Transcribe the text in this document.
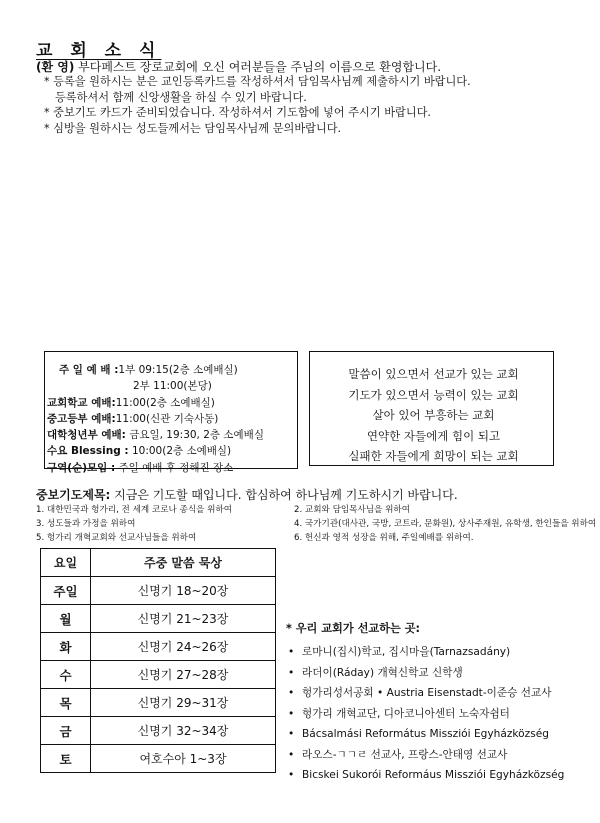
교 회 소 식
(환 영) 부다페스트 장로교회에 오신 여러분들을 주님의 이름으로 환영합니다.
* 등록을 원하시는 분은 교인등록카드를 작성하셔서 담임목사님께 제출하시기 바랍니다.
등록하셔서 함께 신앙생활을 하실 수 있기 바랍니다.
* 중보기도 카드가 준비되었습니다. 작성하셔서 기도함에 넣어 주시기 바랍니다.
* 심방을 원하시는 성도들께서는 담임목사님께 문의바랍니다.
주 일 예 배 :1부 09:15(2층 소예배실)
2부 11:00(본당)
교회학교 예배:11:00(2층 소예배실)
중고등부 예배:11:00(신관 기숙사동)
대학청년부 예배: 금요일, 19:30, 2층 소예배실
수요 Blessing : 10:00(2층 소예배실)
구역(순)모임 : 주일 예배 후 정해진 장소
말씀이 있으면서 선교가 있는 교회
기도가 있으면서 능력이 있는 교회
살아 있어 부흥하는 교회
연약한 자들에게 힘이 되고
실패한 자들에게 희망이 되는 교회
중보기도제목: 지금은 기도할 때입니다. 합심하여 하나님께 기도하시기 바랍니다.
1. 대한민국과 헝가리, 전 세계 코로나 종식을 위하여	2. 교회와 담임목사님을 위하여
3. 성도들과 가정을 위하여	4. 국가기관(대사관, 국방, 코트라, 문화원), 상사주재원, 유학생, 한인들을 위하여
5. 헝가리 개혁교회와 선교사님들을 위하여	6. 헌신과 영적 성장을 위해, 주일예배를 위하여.
요일	주중 말씀 묵상
주일	신명기 18~20장
월	신명기 21~23장
화	신명기 24~26장
수	신명기 27~28장
목	신명기 29~31장
금	신명기 32~34장
토	여호수아 1~3장
* 우리 교회가 선교하는 곳:
• 로마니(집시)학교, 집시마을(Tarnazsadány)
• 라더이(Ráday) 개혁신학교 신학생
• 헝가리성서공회 • Austria Eisenstadt-이준승 선교사
• 헝가리 개혁교단, 디아코니아센터 노숙자쉼터
• Bácsalmási Református Missziói Egyházközség
• 라오스-ㄱㄱㄹ 선교사, 프랑스-안태영 선교사
• Bicskei Sukorói Reformáus Missziói Egyházközség
